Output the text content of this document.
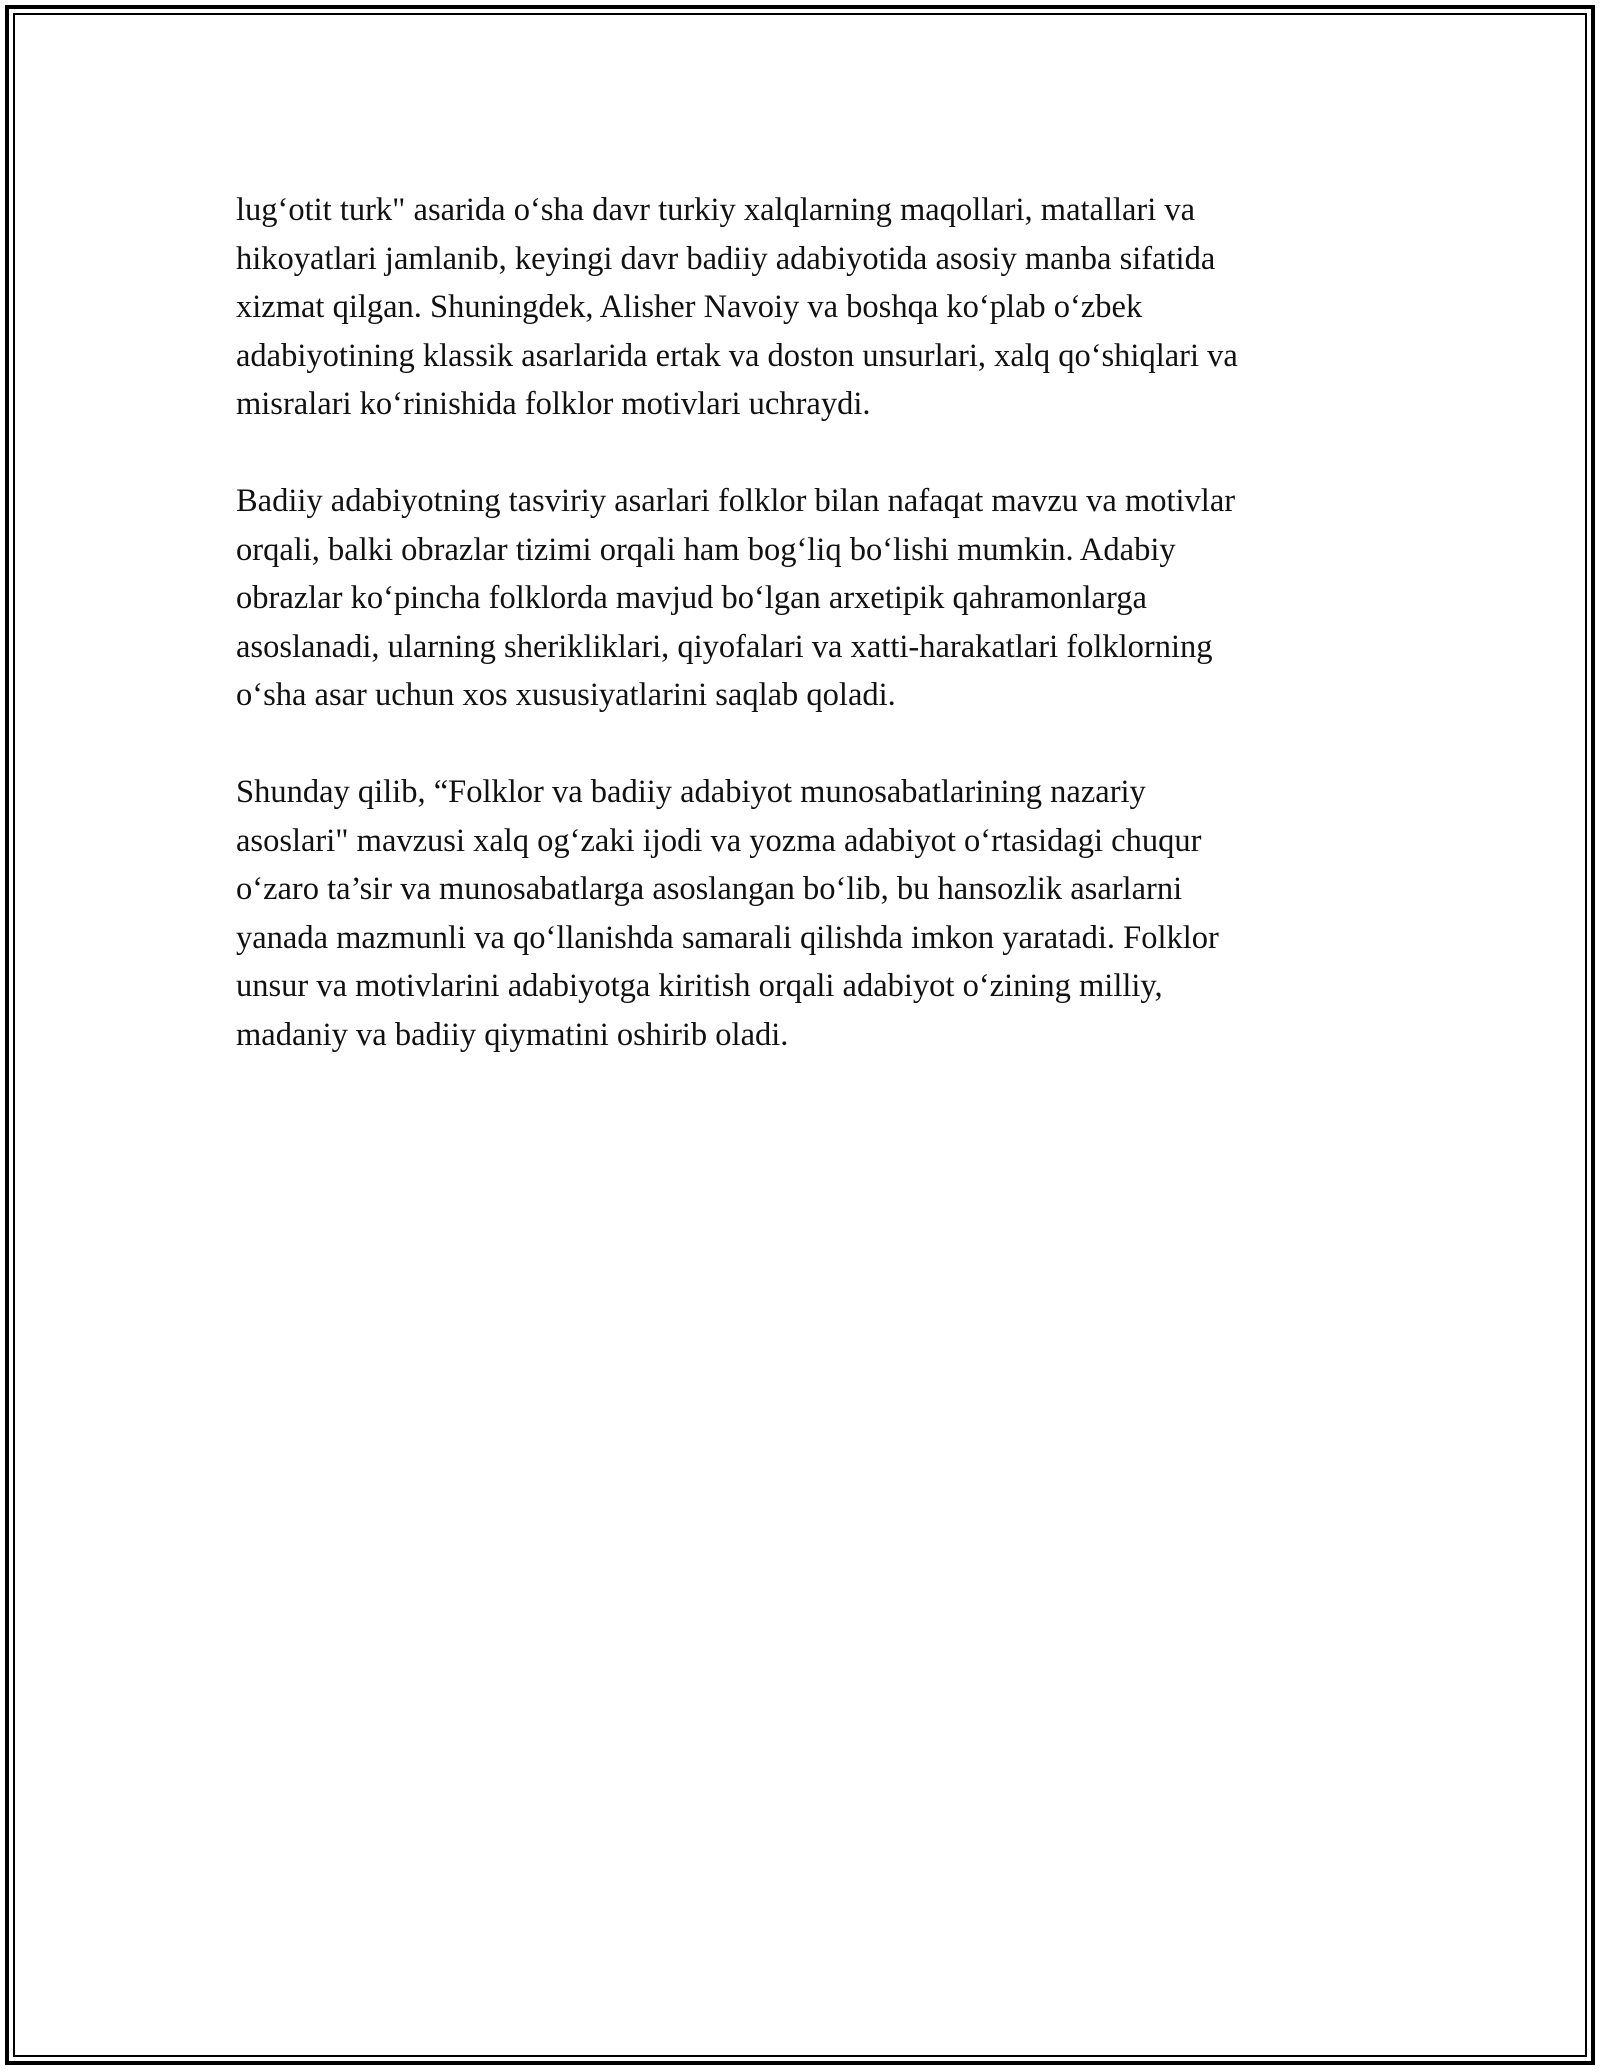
lug‘otit turk" asarida o‘sha davr turkiy xalqlarning maqollari, matallari va
hikoyatlari jamlanib, keyingi davr badiiy adabiyotida asosiy manba sifatida
xizmat qilgan. Shuningdek, Alisher Navoiy va boshqa ko‘plab o‘zbek
adabiyotining klassik asarlarida ertak va doston unsurlari, xalq qo‘shiqlari va
misralari ko‘rinishida folklor motivlari uchraydi.

Badiiy adabiyotning tasviriy asarlari folklor bilan nafaqat mavzu va motivlar
orqali, balki obrazlar tizimi orqali ham bog‘liq bo‘lishi mumkin. Adabiy
obrazlar ko‘pincha folklorda mavjud bo‘lgan arxetipik qahramonlarga
asoslanadi, ularning sherikliklari, qiyofalari va xatti-harakatlari folklorning
o‘sha asar uchun xos xususiyatlarini saqlab qoladi.

Shunday qilib, “Folklor va badiiy adabiyot munosabatlarining nazariy
asoslari" mavzusi xalq og‘zaki ijodi va yozma adabiyot o‘rtasidagi chuqur
o‘zaro ta’sir va munosabatlarga asoslangan bo‘lib, bu hansozlik asarlarni
yanada mazmunli va qo‘llanishda samarali qilishda imkon yaratadi. Folklor
unsur va motivlarini adabiyotga kiritish orqali adabiyot o‘zining milliy,
madaniy va badiiy qiymatini oshirib oladi.
